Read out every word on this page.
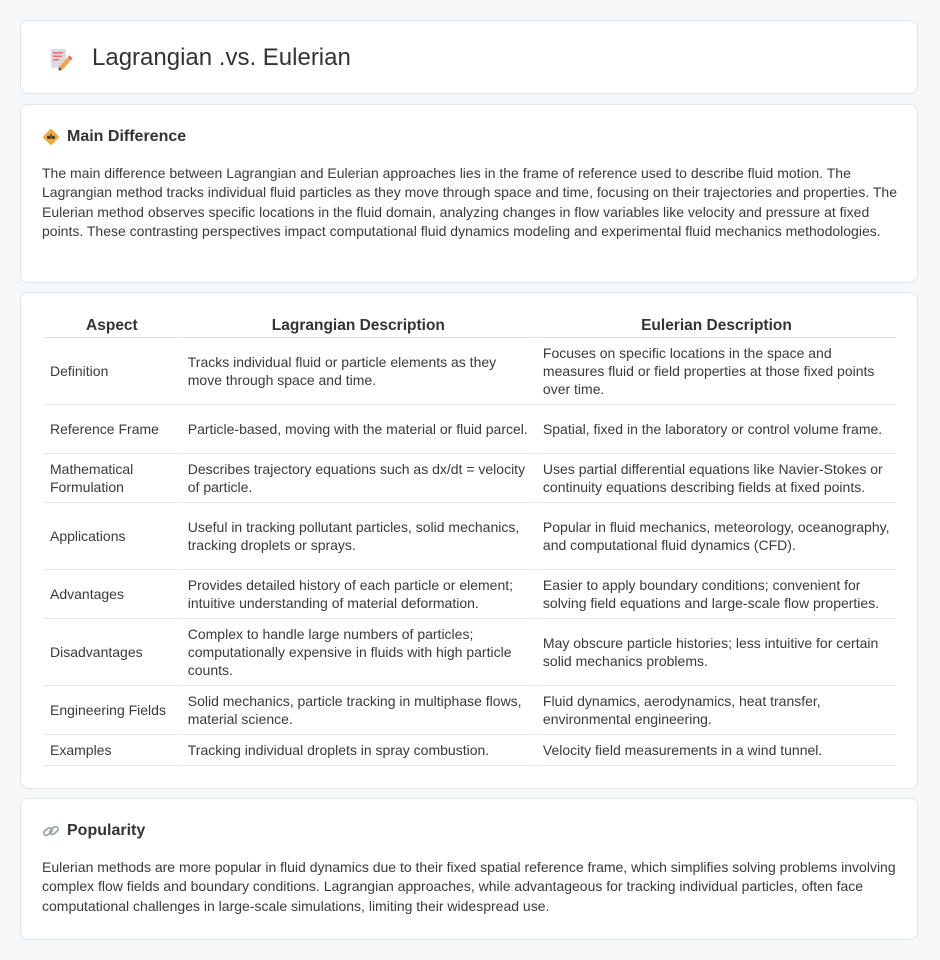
Lagrangian .vs. Eulerian
Main Difference

The main difference between Lagrangian and Eulerian approaches lies in the frame of reference used to describe fluid motion. The Lagrangian method tracks individual fluid particles as they move through space and time, focusing on their trajectories and properties. The Eulerian method observes specific locations in the fluid domain, analyzing changes in flow variables like velocity and pressure at fixed points. These contrasting perspectives impact computational fluid dynamics modeling and experimental fluid mechanics methodologies.

Aspect	Lagrangian Description	Eulerian Description
Definition	Tracks individual fluid or particle elements as they move through space and time.	Focuses on specific locations in the space and measures fluid or field properties at those fixed points over time.
Reference Frame	Particle-based, moving with the material or fluid parcel.	Spatial, fixed in the laboratory or control volume frame.
Mathematical Formulation	Describes trajectory equations such as dx/dt = velocity of particle.	Uses partial differential equations like Navier-Stokes or continuity equations describing fields at fixed points.
Applications	Useful in tracking pollutant particles, solid mechanics, tracking droplets or sprays.	Popular in fluid mechanics, meteorology, oceanography, and computational fluid dynamics (CFD).
Advantages	Provides detailed history of each particle or element; intuitive understanding of material deformation.	Easier to apply boundary conditions; convenient for solving field equations and large-scale flow properties.
Disadvantages	Complex to handle large numbers of particles; computationally expensive in fluids with high particle counts.	May obscure particle histories; less intuitive for certain solid mechanics problems.
Engineering Fields	Solid mechanics, particle tracking in multiphase flows, material science.	Fluid dynamics, aerodynamics, heat transfer, environmental engineering.
Examples	Tracking individual droplets in spray combustion.	Velocity field measurements in a wind tunnel.
Popularity

Eulerian methods are more popular in fluid dynamics due to their fixed spatial reference frame, which simplifies solving problems involving complex flow fields and boundary conditions. Lagrangian approaches, while advantageous for tracking individual particles, often face computational challenges in large-scale simulations, limiting their widespread use.
